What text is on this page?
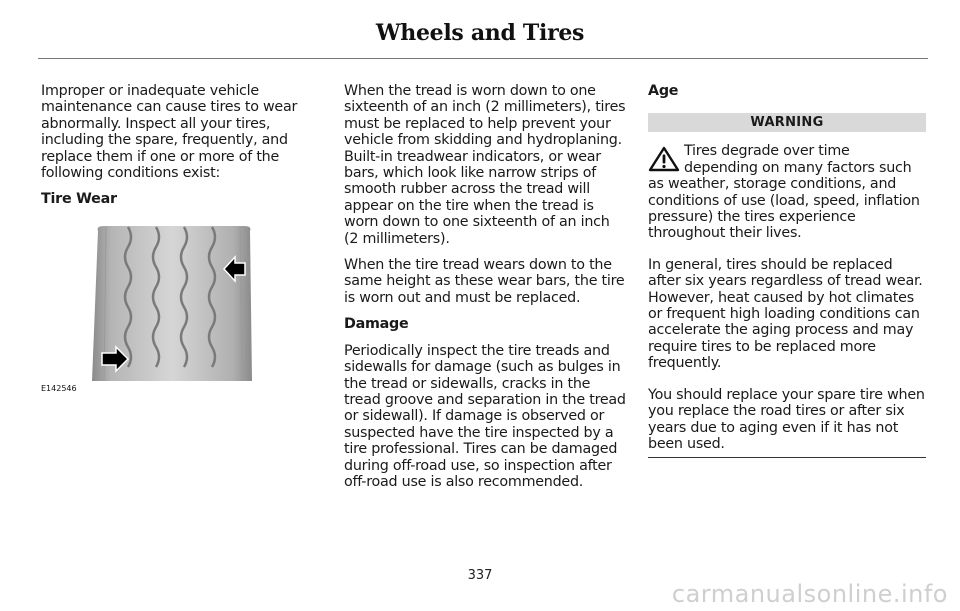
Wheels and Tires

Improper or inadequate vehicle maintenance can cause tires to wear abnormally. Inspect all your tires, including the spare, frequently, and replace them if one or more of the following conditions exist:

Tire Wear

E142546

When the tread is worn down to one sixteenth of an inch (2 millimeters), tires must be replaced to help prevent your vehicle from skidding and hydroplaning. Built-in treadwear indicators, or wear bars, which look like narrow strips of smooth rubber across the tread will appear on the tire when the tread is worn down to one sixteenth of an inch (2 millimeters).

When the tire tread wears down to the same height as these wear bars, the tire is worn out and must be replaced.

Damage

Periodically inspect the tire treads and sidewalls for damage (such as bulges in the tread or sidewalls, cracks in the tread groove and separation in the tread or sidewall). If damage is observed or suspected have the tire inspected by a tire professional. Tires can be damaged during off-road use, so inspection after off-road use is also recommended.

Age

WARNING
Tires degrade over time depending on many factors such as weather, storage conditions, and conditions of use (load, speed, inflation pressure) the tires experience throughout their lives.

In general, tires should be replaced after six years regardless of tread wear. However, heat caused by hot climates or frequent high loading conditions can accelerate the aging process and may require tires to be replaced more frequently.

You should replace your spare tire when you replace the road tires or after six years due to aging even if it has not been used.

337
carmanualsonline.info
